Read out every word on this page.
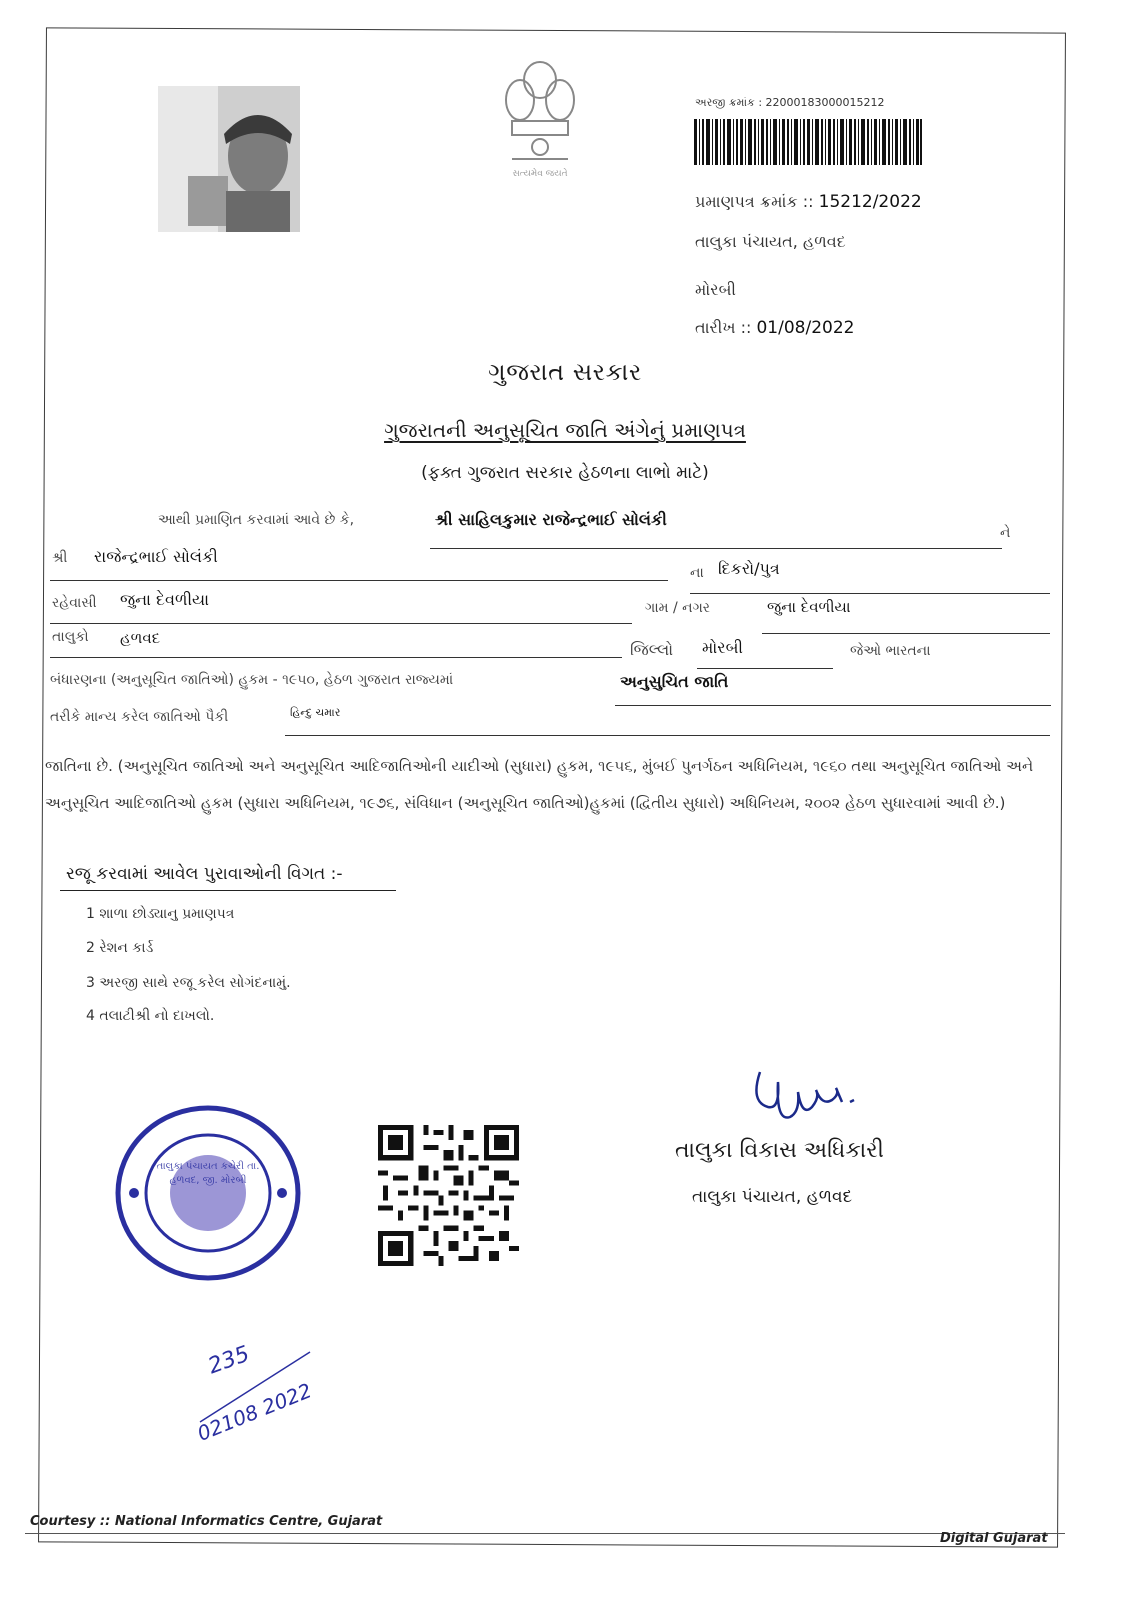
સત્યમેવ જયતે
અરજી ક્રમાંક : 22000183000015212
પ્રમાણપત્ર ક્રમાંક :: 15212/2022
તાલુકા પંચાયત, હળવદ
મોરબી
તારીખ :: 01/08/2022
ગુજરાત સરકાર
ગુજરાતની અનુસૂચિત જાતિ અંગેનું પ્રમાણપત્ર
(ફક્ત ગુજરાત સરકાર હેઠળના લાભો માટે)
આથી પ્રમાણિત કરવામાં આવે છે કે,	શ્રી સાહિલકુમાર રાજેન્દ્રભાઈ સોલંકી
ને
શ્રી રાજેન્દ્રભાઈ સોલંકી
ના દિકરો/પુત્ર
રહેવાસી જુના દેવળીયા	ગામ / નગર	જુના દેવળીયા
તાલુકો હળવદ
જિલ્લો મોરબી	જેઓ ભારતના
બંધારણના (અનુસૂચિત જાતિઓ) હુકમ - ૧૯૫૦, હેઠળ ગુજરાત રાજ્યમાં	અનુસુચિત જાતિ
તરીકે માન્ય કરેલ જાતિઓ પૈકી	હિન્દુ ચમાર
જાતિના છે. (અનુસૂચિત જાતિઓ અને અનુસૂચિત આદિજાતિઓની યાદીઓ (સુધારા) હુકમ, ૧૯૫૬, મુંબઈ પુનર્ગઠન અધિનિયમ, ૧૯૬૦ તથા અનુસૂચિત જાતિઓ અને અનુસૂચિત આદિજાતિઓ હુકમ (સુધારા અધિનિયમ, ૧૯૭૬, સંવિધાન (અનુસૂચિત જાતિઓ)હુકમાં (દ્વિતીય સુધારો) અધિનિયમ, ૨૦૦૨ હેઠળ સુધારવામાં આવી છે.)
રજૂ કરવામાં આવેલ પુરાવાઓની વિગત :-
1 શાળા છોડ્યાનુ પ્રમાણપત્ર
2 રેશન કાર્ડ
3 અરજી સાથે રજૂ કરેલ સોગંદનામું.
4 તલાટીશ્રી નો દાખલો.
તાલુકા વિકાસ અધિકારી
તાલુકા પંચાયત, હળવદ
તાલુકા પંચાયત કચેરી તા. હળવદ, જી. મોરબી
235
02108 2022
Courtesy :: National Informatics Centre, Gujarat
Digital Gujarat
